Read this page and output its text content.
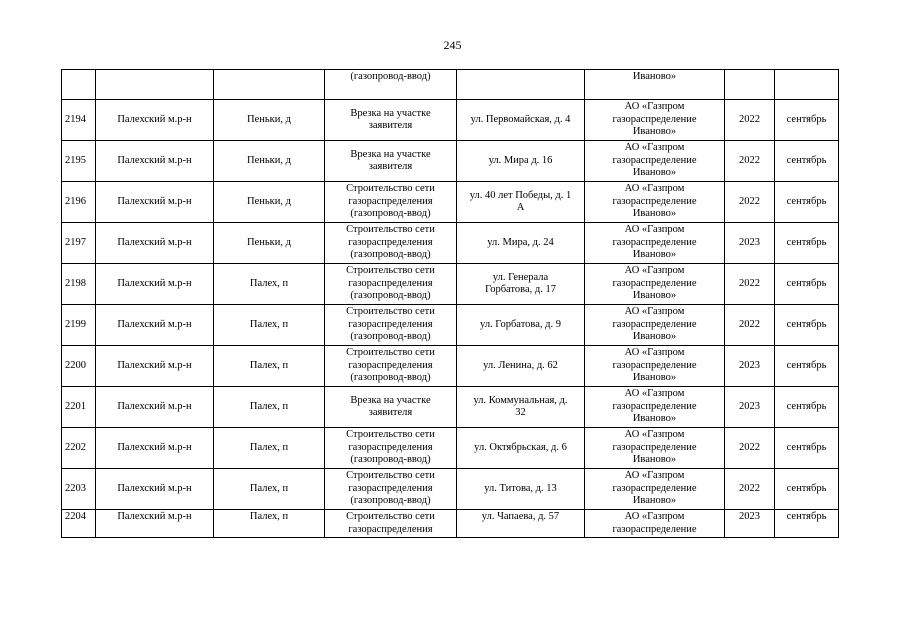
245

			(газопровод-ввод)		Иваново»		

2194	Палехский м.р-н	Пеньки, д	Врезка на участке
заявителя	ул. Первомайская, д. 4	АО «Газпром
газораспределение
Иваново»	2022	сентябрь
2195	Палехский м.р-н	Пеньки, д	Врезка на участке
заявителя	ул. Мира д. 16	АО «Газпром
газораспределение
Иваново»	2022	сентябрь
2196	Палехский м.р-н	Пеньки, д	Строительство сети
газораспределения
(газопровод-ввод)	ул. 40 лет Победы, д. 1
А	АО «Газпром
газораспределение
Иваново»	2022	сентябрь
2197	Палехский м.р-н	Пеньки, д	Строительство сети
газораспределения
(газопровод-ввод)	ул. Мира, д. 24	АО «Газпром
газораспределение
Иваново»	2023	сентябрь
2198	Палехский м.р-н	Палех, п	Строительство сети
газораспределения
(газопровод-ввод)	ул. Генерала
Горбатова, д. 17	АО «Газпром
газораспределение
Иваново»	2022	сентябрь
2199	Палехский м.р-н	Палех, п	Строительство сети
газораспределения
(газопровод-ввод)	ул. Горбатова, д. 9	АО «Газпром
газораспределение
Иваново»	2022	сентябрь
2200	Палехский м.р-н	Палех, п	Строительство сети
газораспределения
(газопровод-ввод)	ул. Ленина, д. 62	АО «Газпром
газораспределение
Иваново»	2023	сентябрь
2201	Палехский м.р-н	Палех, п	Врезка на участке
заявителя	ул. Коммунальная, д.
32	АО «Газпром
газораспределение
Иваново»	2023	сентябрь
2202	Палехский м.р-н	Палех, п	Строительство сети
газораспределения
(газопровод-ввод)	ул. Октябрьская, д. 6	АО «Газпром
газораспределение
Иваново»	2022	сентябрь
2203	Палехский м.р-н	Палех, п	Строительство сети
газораспределения
(газопровод-ввод)	ул. Титова, д. 13	АО «Газпром
газораспределение
Иваново»	2022	сентябрь
2204	Палехский м.р-н	Палех, п	Строительство сети
газораспределения	ул. Чапаева, д. 57	АО «Газпром
газораспределение	2023	сентябрь
